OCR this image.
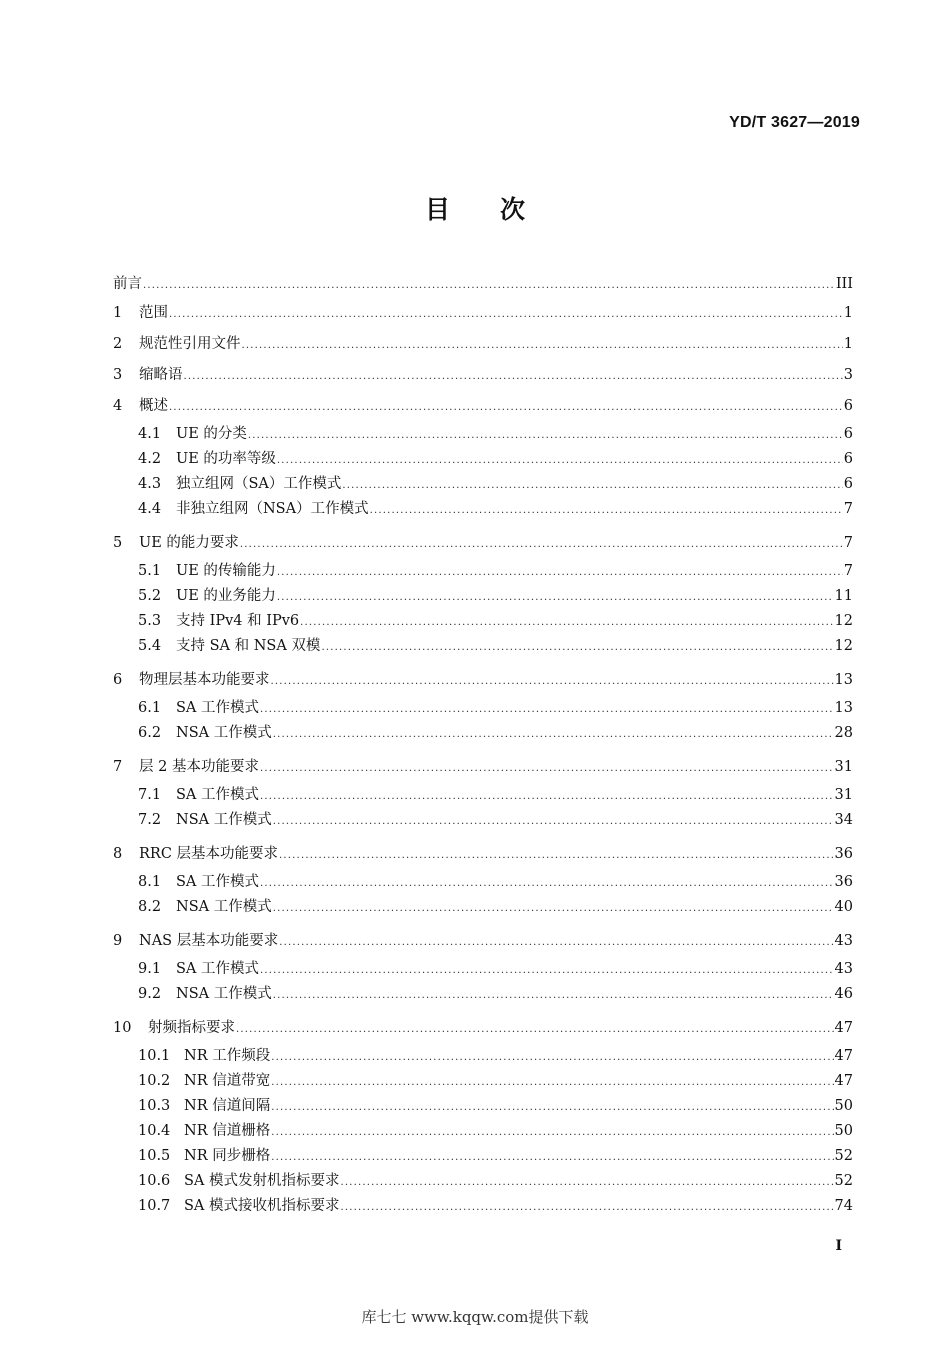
YD/T 3627—2019
目次
前言 .....	III
1	范围 .....	1
2	规范性引用文件 .....	1
3	缩略语 .....	3
4	概述 .....	6
4.1	UE 的分类 .....	6
4.2	UE 的功率等级 .....	6
4.3	独立组网（SA）工作模式 .....	6
4.4	非独立组网（NSA）工作模式 .....	7
5	UE 的能力要求 .....	7
5.1	UE 的传输能力 .....	7
5.2	UE 的业务能力 .....	11
5.3	支持 IPv4 和 IPv6 .....	12
5.4	支持 SA 和 NSA 双模 .....	12
6	物理层基本功能要求 .....	13
6.1	SA 工作模式 .....	13
6.2	NSA 工作模式 .....	28
7	层 2 基本功能要求 .....	31
7.1	SA 工作模式 .....	31
7.2	NSA 工作模式 .....	34
8	RRC 层基本功能要求 .....	36
8.1	SA 工作模式 .....	36
8.2	NSA 工作模式 .....	40
9	NAS 层基本功能要求 .....	43
9.1	SA 工作模式 .....	43
9.2	NSA 工作模式 .....	46
10	射频指标要求 .....	47
10.1 NR 工作频段 .....	47
10.2 NR 信道带宽 .....	47
10.3 NR 信道间隔 .....	50
10.4 NR 信道栅格 .....	50
10.5 NR 同步栅格 .....	52
10.6 SA 模式发射机指标要求 .....	52
10.7 SA 模式接收机指标要求 .....	74
I
库七七 www.kqqw.com提供下载
